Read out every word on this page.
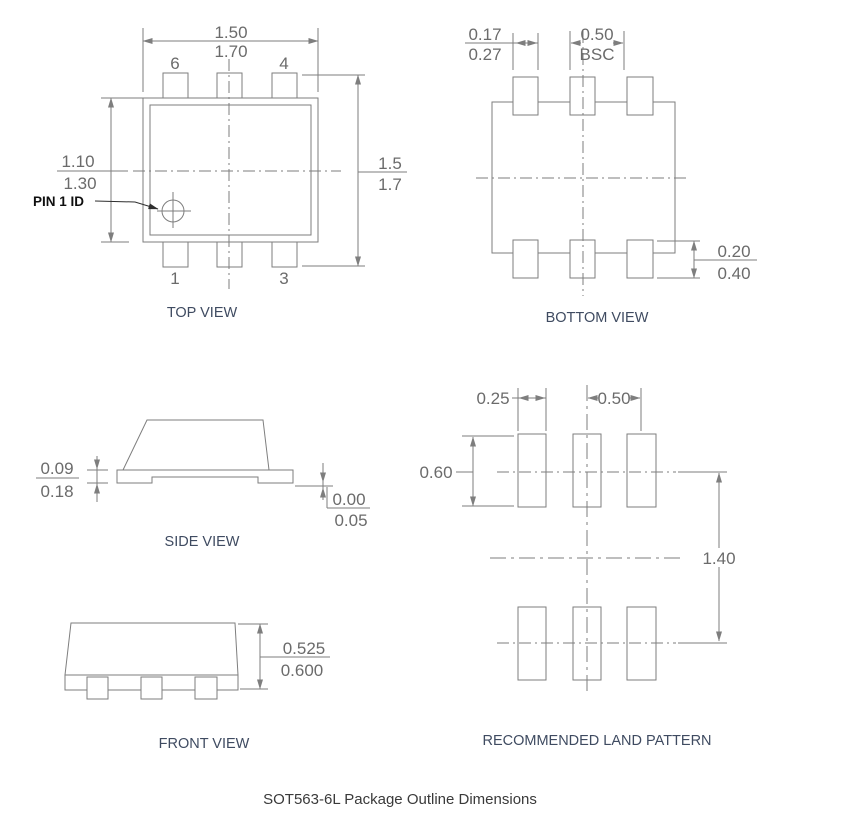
6	4
1	3
1.50
1.70
1.10
1.30
1.5
1.7
PIN 1 ID
TOP VIEW
0.17
0.27
0.50
BSC
0.20
0.40
BOTTOM VIEW
0.09
0.18	0.00
0.05
SIDE VIEW
0.525
0.600
FRONT VIEW
0.25	0.50
0.60
1.40
RECOMMENDED LAND PATTERN
SOT563-6L Package Outline Dimensions
